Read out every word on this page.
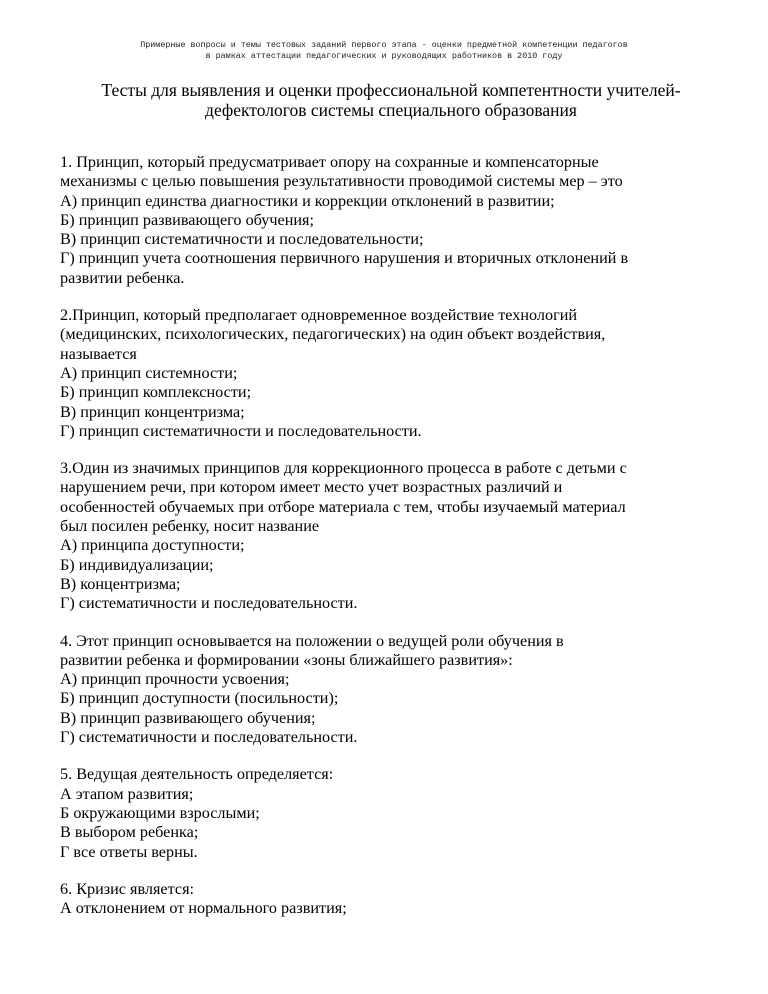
Примерные вопросы и темы тестовых заданий первого этапа - оценки предметной компетенции педагогов
в рамках аттестации педагогических и руководящих работников в 2010 году
Тесты для выявления и оценки профессиональной компетентности учителей-
дефектологов системы специального образования
1. Принцип, который предусматривает опору на сохранные и компенсаторные
механизмы с целью повышения результативности проводимой системы мер – это
А) принцип единства диагностики и коррекции отклонений в развитии;
Б) принцип развивающего обучения;
В) принцип систематичности и последовательности;
Г) принцип учета соотношения первичного нарушения и вторичных отклонений в
развитии ребенка.
2.Принцип, который предполагает одновременное воздействие технологий
(медицинских, психологических, педагогических) на один объект воздействия,
называется
А) принцип системности;
Б) принцип комплексности;
В) принцип концентризма;
Г) принцип систематичности и последовательности.
3.Один из значимых принципов для коррекционного процесса в работе с детьми с
нарушением речи, при котором имеет место учет возрастных различий и
особенностей обучаемых при отборе материала с тем, чтобы изучаемый материал
был посилен ребенку, носит название
А) принципа доступности;
Б) индивидуализации;
В) концентризма;
Г) систематичности и последовательности.
4. Этот принцип основывается на положении о ведущей роли обучения в
развитии ребенка и формировании «зоны ближайшего развития»:
А) принцип прочности усвоения;
Б) принцип доступности (посильности);
В) принцип развивающего обучения;
Г) систематичности и последовательности.
5. Ведущая деятельность определяется:
А этапом развития;
Б окружающими взрослыми;
В выбором ребенка;
Г все ответы верны.
6. Кризис является:
А отклонением от нормального развития;
